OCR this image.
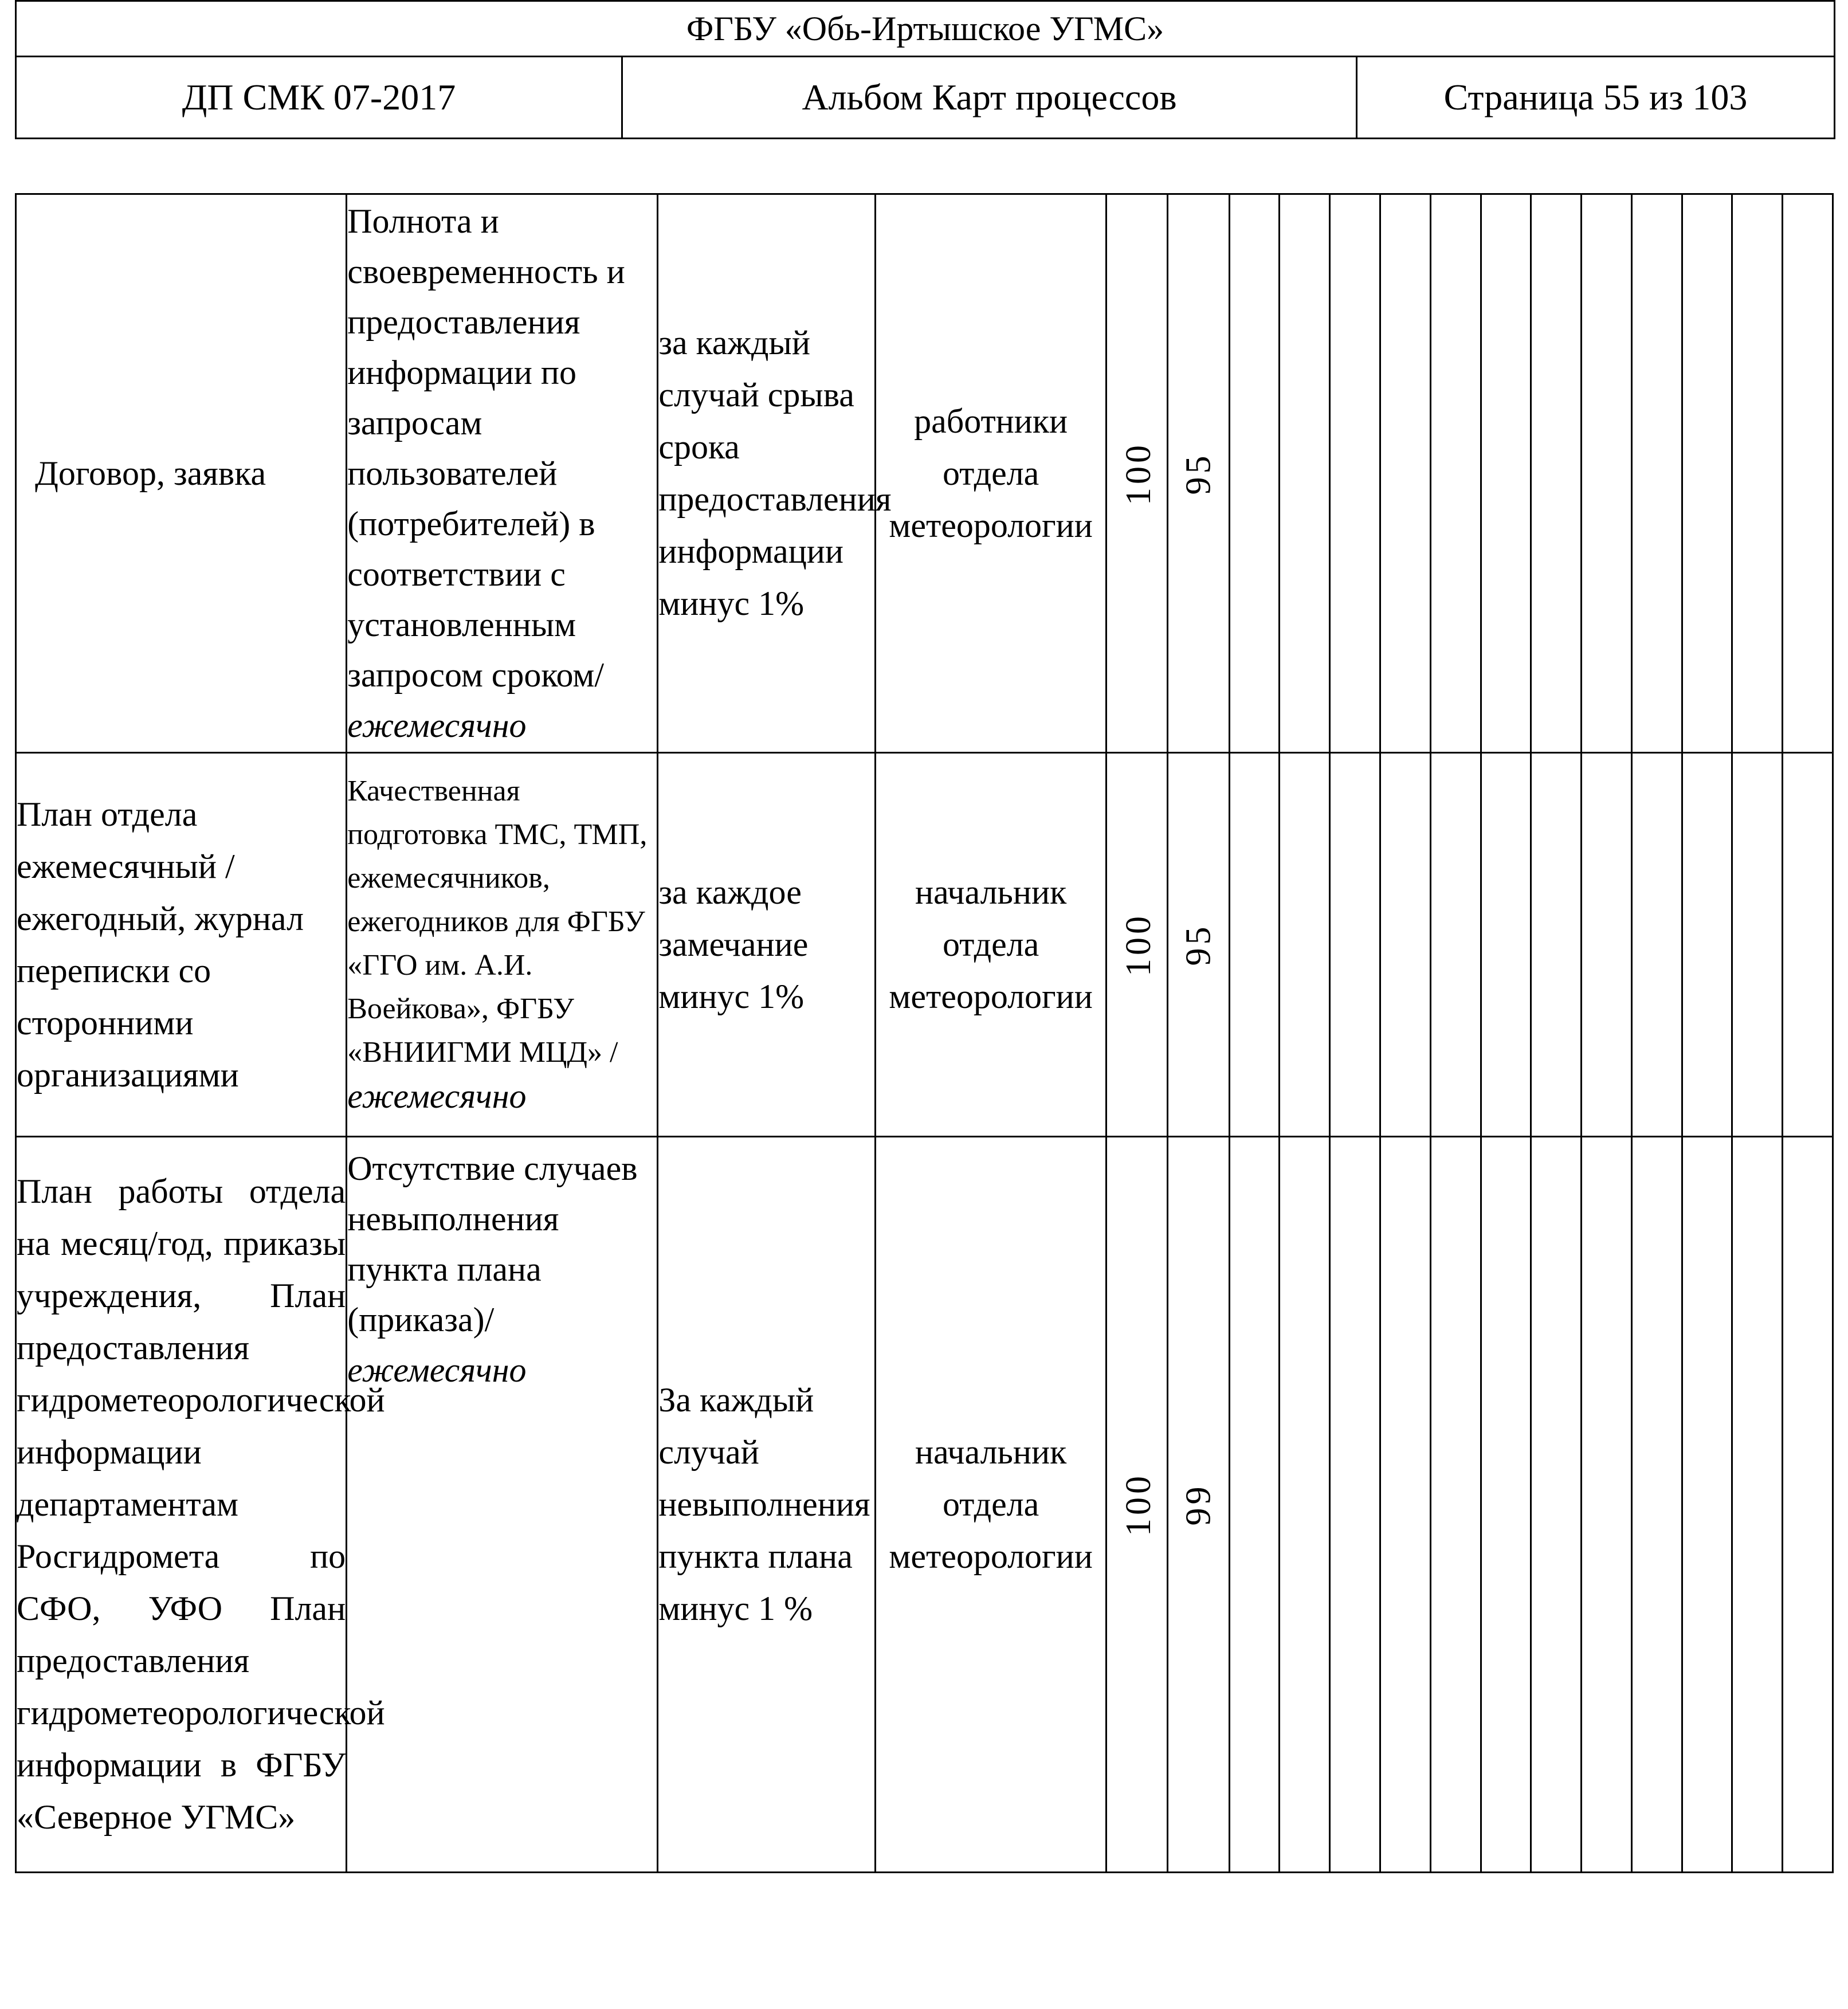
ФГБУ «Обь-Иртышское УГМС»
ДП СМК 07-2017	Альбом Карт процессов	Страница 55 из 103
Договор, заявка	Полнота и своевременность и предоставления информации по запросам пользователей (потребителей) в соответствии с установленным запросом сроком/ежемесячно	за каждый случай срыва срока предоставления информации минус 1%	работники отдела метеорологии	100	95												
План отдела ежемесячный /ежегодный, журнал переписки со сторонними организациями	Качественная подготовка ТМС, ТМП, ежемесячников, ежегодников для ФГБУ «ГГО им. А.И. Воейкова», ФГБУ «ВНИИГМИ МЦД» / ежемесячно	за каждое замечание минус 1%	начальник отдела метеорологии	100	95												
План работы отдела на месяц/год, приказы учреждения, План предоставления гидрометеорологической информации департаментам Росгидромета по СФО, УФО План предоставления гидрометеорологической информации в ФГБУ «Северное УГМС»	Отсутствие случаев невыполнения пункта плана (приказа)/ ежемесячно	За каждый случай невыполнения пункта плана минус 1 %	начальник отдела метеорологии	100	99												
